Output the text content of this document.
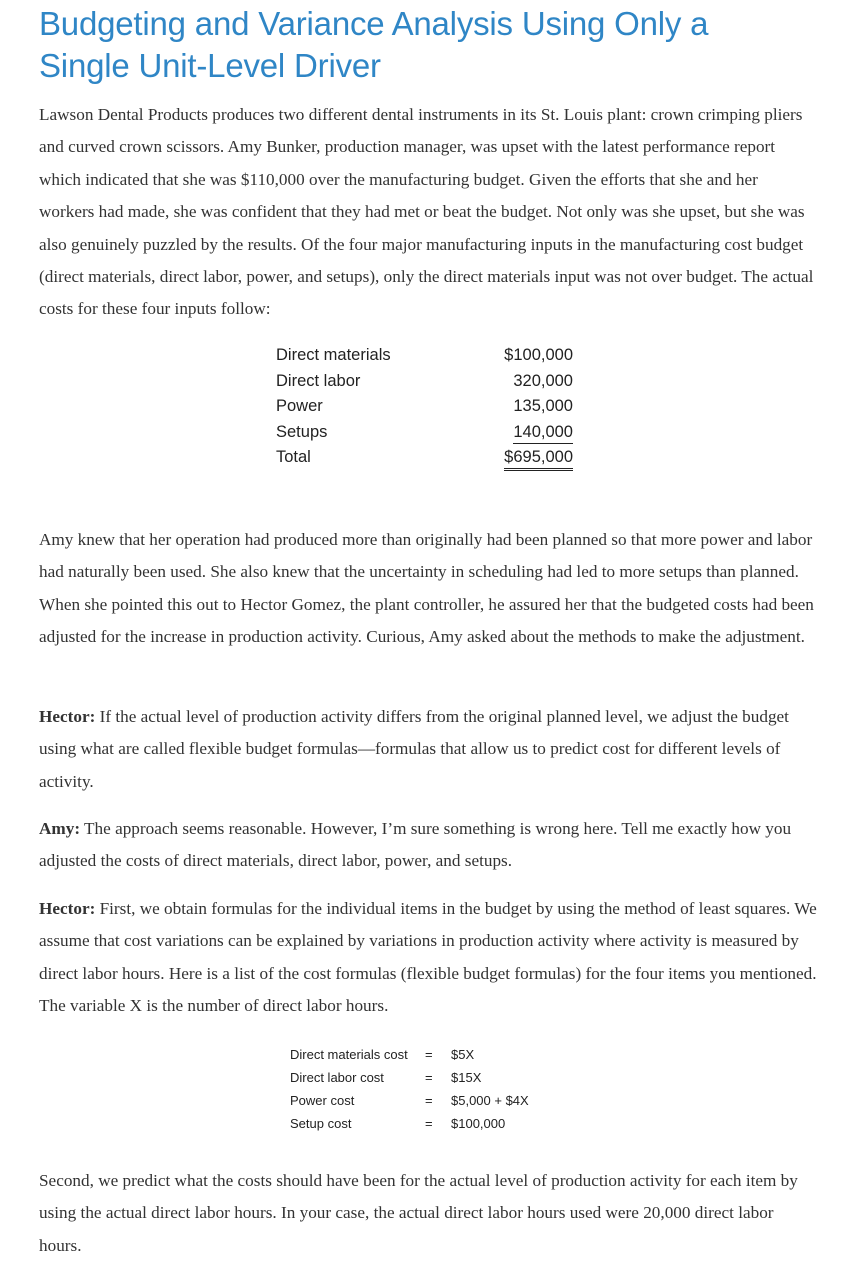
Budgeting and Variance Analysis Using Only a Single Unit-Level Driver

Lawson Dental Products produces two different dental instruments in its St. Louis plant: crown crimping pliers and curved crown scissors. Amy Bunker, production manager, was upset with the latest performance report which indicated that she was $110,000 over the manufacturing budget. Given the efforts that she and her workers had made, she was confident that they had met or beat the budget. Not only was she upset, but she was also genuinely puzzled by the results. Of the four major manufacturing inputs in the manufacturing cost budget (direct materials, direct labor, power, and setups), only the direct materials input was not over budget. The actual costs for these four inputs follow:

Direct materials	$100,000
Direct labor	320,000
Power	135,000
Setups	140,000
Total	$695,000

Amy knew that her operation had produced more than originally had been planned so that more power and labor had naturally been used. She also knew that the uncertainty in scheduling had led to more setups than planned. When she pointed this out to Hector Gomez, the plant controller, he assured her that the budgeted costs had been adjusted for the increase in production activity. Curious, Amy asked about the methods to make the adjustment.

Hector: If the actual level of production activity differs from the original planned level, we adjust the budget using what are called flexible budget formulas—formulas that allow us to predict cost for different levels of activity.

Amy: The approach seems reasonable. However, I’m sure something is wrong here. Tell me exactly how you adjusted the costs of direct materials, direct labor, power, and setups.

Hector: First, we obtain formulas for the individual items in the budget by using the method of least squares. We assume that cost variations can be explained by variations in production activity where activity is measured by direct labor hours. Here is a list of the cost formulas (flexible budget formulas) for the four items you mentioned. The variable X is the number of direct labor hours.

Direct materials cost = $5X
Direct labor cost	= $15X
Power cost	= $5,000 + $4X
Setup cost	= $100,000

Second, we predict what the costs should have been for the actual level of production activity for each item by using the actual direct labor hours. In your case, the actual direct labor hours used were 20,000 direct labor hours.
